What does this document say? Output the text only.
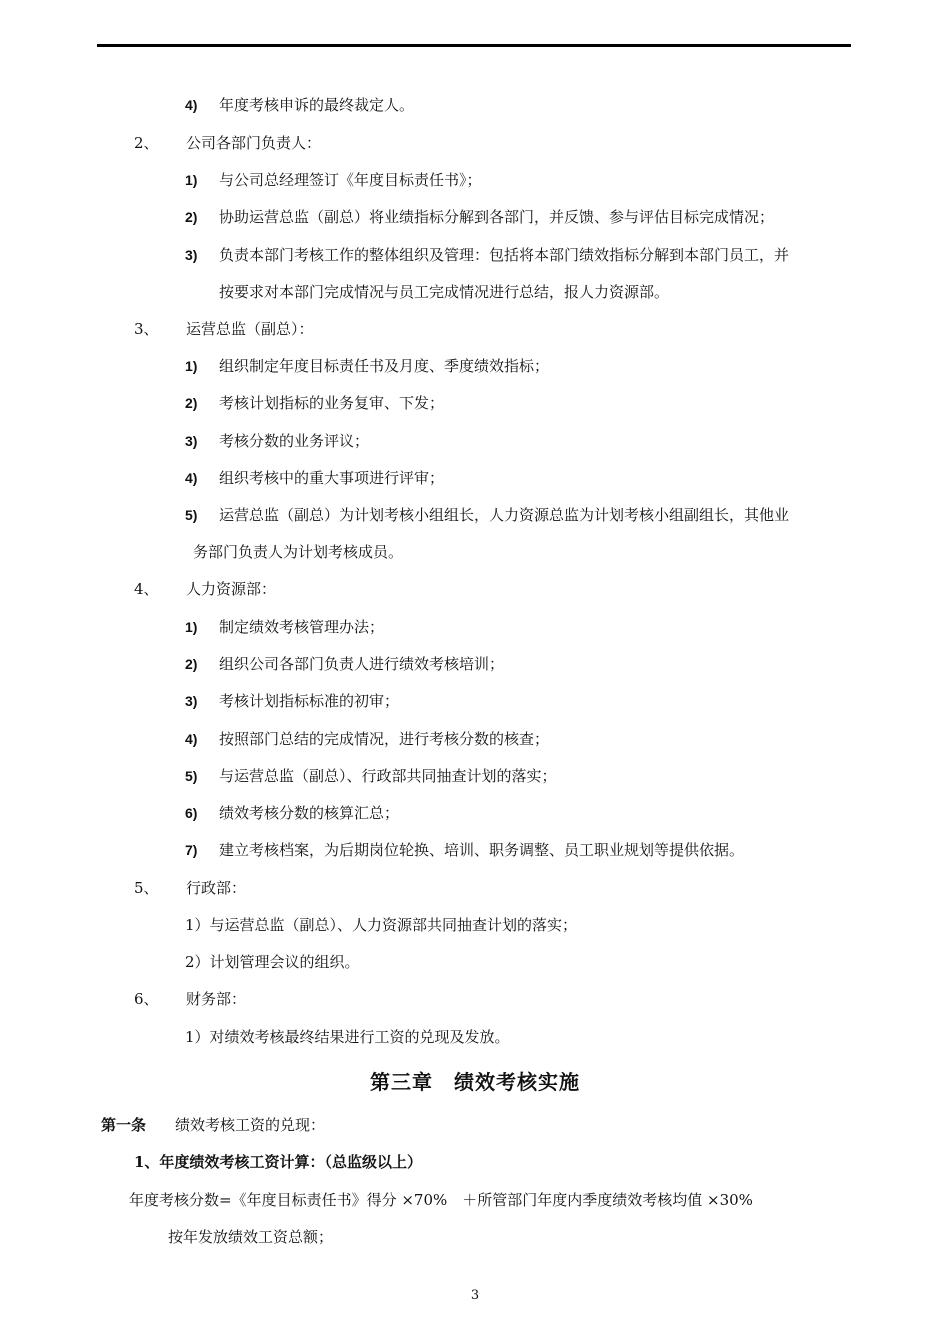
4) 年度考核申诉的最终裁定人。
2、 公司各部门负责人：
1) 与公司总经理签订《年度目标责任书》；
2) 协助运营总监（副总）将业绩指标分解到各部门，并反馈、参与评估目标完成情况；
3) 负责本部门考核工作的整体组织及管理：包括将本部门绩效指标分解到本部门员工，并
按要求对本部门完成情况与员工完成情况进行总结，报人力资源部。
3、 运营总监（副总）：
1) 组织制定年度目标责任书及月度、季度绩效指标；
2) 考核计划指标的业务复审、下发；
3) 考核分数的业务评议；
4) 组织考核中的重大事项进行评审；
5) 运营总监（副总）为计划考核小组组长，人力资源总监为计划考核小组副组长，其他业
务部门负责人为计划考核成员。
4、 人力资源部：
1) 制定绩效考核管理办法；
2) 组织公司各部门负责人进行绩效考核培训；
3) 考核计划指标标准的初审；
4) 按照部门总结的完成情况，进行考核分数的核查；
5) 与运营总监（副总）、行政部共同抽查计划的落实；
6) 绩效考核分数的核算汇总；
7) 建立考核档案，为后期岗位轮换、培训、职务调整、员工职业规划等提供依据。
5、 行政部：
1）与运营总监（副总）、人力资源部共同抽查计划的落实；
2）计划管理会议的组织。
6、 财务部：
1）对绩效考核最终结果进行工资的兑现及发放。
第三章　绩效考核实施
第一条 绩效考核工资的兑现：
1、年度绩效考核工资计算：（总监级以上）
年度考核分数=《年度目标责任书》得分 ×70%　＋所管部门年度内季度绩效考核均值 ×30%
按年发放绩效工资总额；
3
